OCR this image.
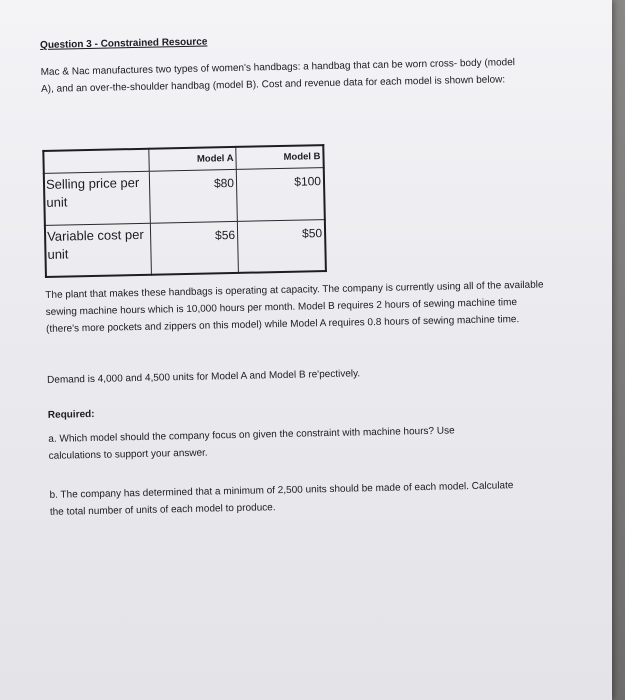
Question 3 - Constrained Resource
Mac & Nac manufactures two types of women's handbags: a handbag that can be worn cross- body (model A), and an over-the-shoulder handbag (model B). Cost and revenue data for each model is shown below:
	Model A	Model B
Selling price per unit	$80	$100
Variable cost per unit	$56	$50
The plant that makes these handbags is operating at capacity. The company is currently using all of the available sewing machine hours which is 10,000 hours per month. Model B requires 2 hours of sewing machine time (there's more pockets and zippers on this model) while Model A requires 0.8 hours of sewing machine time.
Demand is 4,000 and 4,500 units for Model A and Model B re'pectively.
Required:
a. Which model should the company focus on given the constraint with machine hours? Use calculations to support your answer.
b. The company has determined that a minimum of 2,500 units should be made of each model. Calculate the total number of units of each model to produce.
